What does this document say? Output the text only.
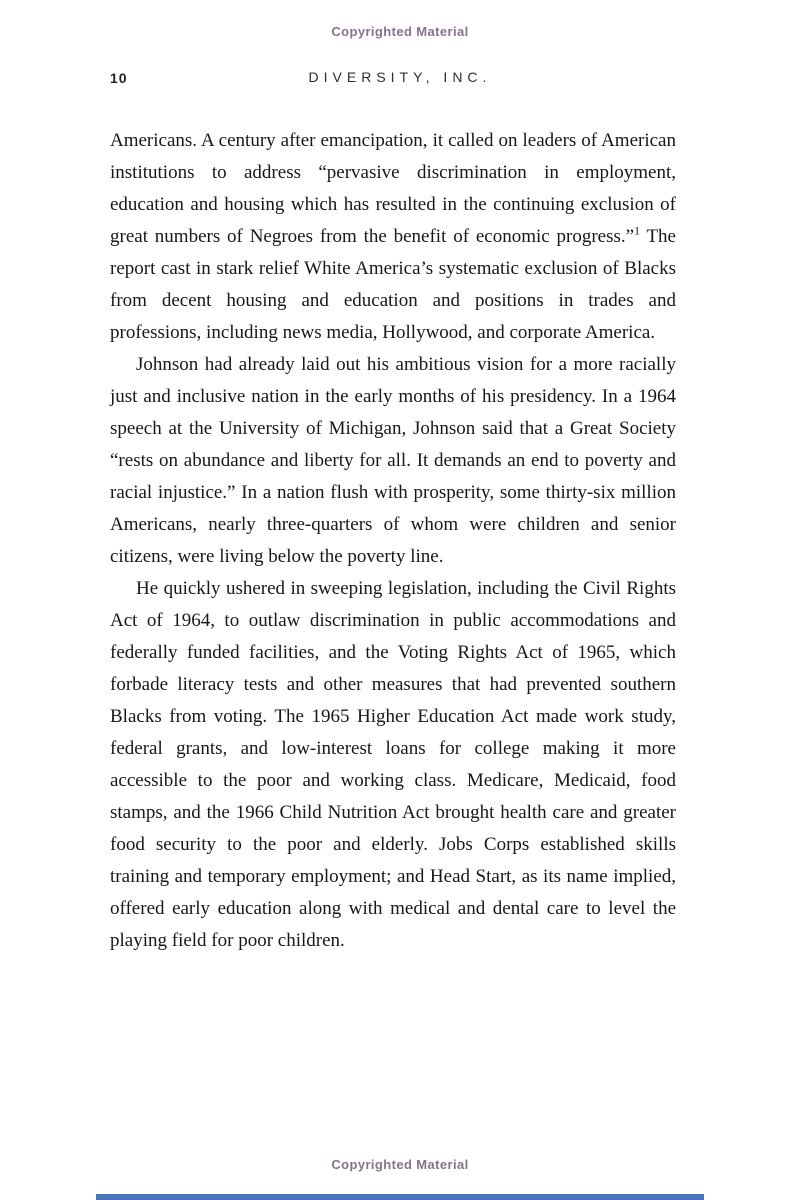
Copyrighted Material
10	DIVERSITY, INC.

Americans. A century after emancipation, it called on leaders of American institutions to address “pervasive discrimination in employment, education and housing which has resulted in the continuing exclusion of great numbers of Negroes from the benefit of economic progress.”$^1$ The report cast in stark relief White America’s systematic exclusion of Blacks from decent housing and education and positions in trades and professions, including news media, Hollywood, and corporate America.

Johnson had already laid out his ambitious vision for a more racially just and inclusive nation in the early months of his presidency. In a 1964 speech at the University of Michigan, Johnson said that a Great Society “rests on abundance and liberty for all. It demands an end to poverty and racial injustice.” In a nation flush with prosperity, some thirty-six million Americans, nearly three-quarters of whom were children and senior citizens, were living below the poverty line.

He quickly ushered in sweeping legislation, including the Civil Rights Act of 1964, to outlaw discrimination in public accommodations and federally funded facilities, and the Voting Rights Act of 1965, which forbade literacy tests and other measures that had prevented southern Blacks from voting. The 1965 Higher Education Act made work study, federal grants, and low-interest loans for college making it more accessible to the poor and working class. Medicare, Medicaid, food stamps, and the 1966 Child Nutrition Act brought health care and greater food security to the poor and elderly. Jobs Corps established skills training and temporary employment; and Head Start, as its name implied, offered early education along with medical and dental care to level the playing field for poor children.

Copyrighted Material
